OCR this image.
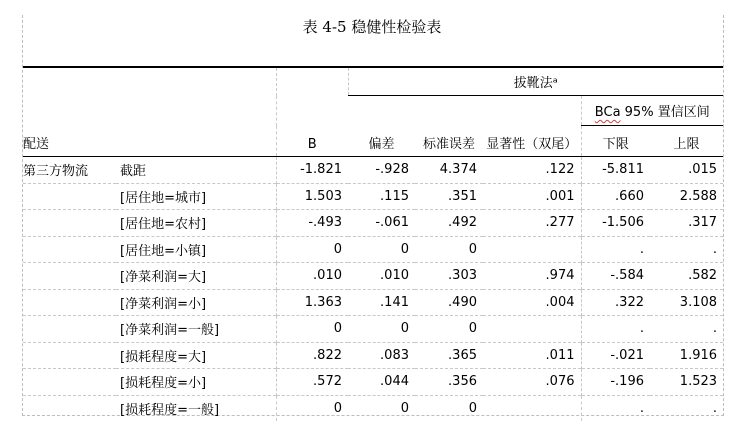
表 4-5 稳健性检验表
			拔靴法ᵃ				
						BCa 95% 置信区间	
配送		B	偏差	标准误差	显著性（双尾）	下限	上限
第三方物流	截距	-1.821	-.928	4.374	.122	-5.811	.015
	[居住地=城市]	1.503	.115	.351	.001	.660	2.588
	[居住地=农村]	-.493	-.061	.492	.277	-1.506	.317
	[居住地=小镇]	0	0	0		.	.
	[净菜利润=大]	.010	.010	.303	.974	-.584	.582
	[净菜利润=小]	1.363	.141	.490	.004	.322	3.108
	[净菜利润=一般]	0	0	0		.	.
	[损耗程度=大]	.822	.083	.365	.011	-.021	1.916
	[损耗程度=小]	.572	.044	.356	.076	-.196	1.523
	[损耗程度=一般]	0	0	0		.	.
